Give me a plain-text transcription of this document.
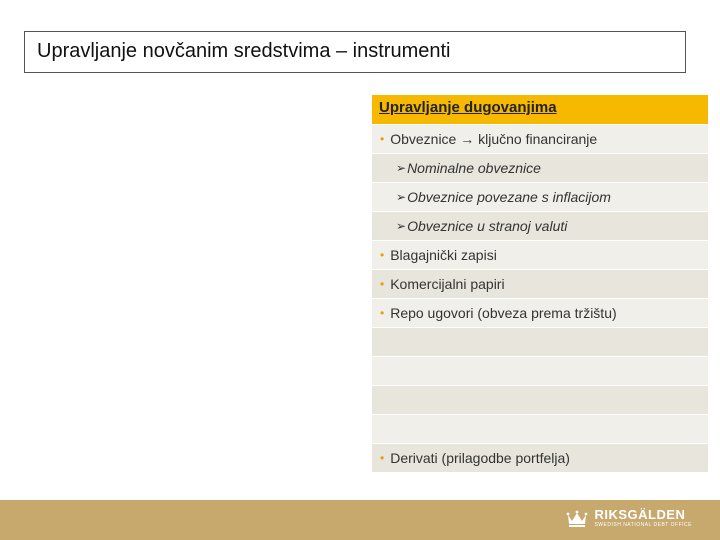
Upravljanje novčanim sredstvima – instrumenti
Upravljanje dugovanjima
• Obveznice → ključno financiranje
➢ Nominalne obveznice
➢ Obveznice povezane s inflacijom
➢ Obveznice u stranoj valuti
• Blagajnički zapisi
• Komercijalni papiri
• Repo ugovori (obveza prema tržištu)
• Derivati (prilagodbe portfelja)
RIKSGÄLDEN
SWEDISH NATIONAL DEBT OFFICE
